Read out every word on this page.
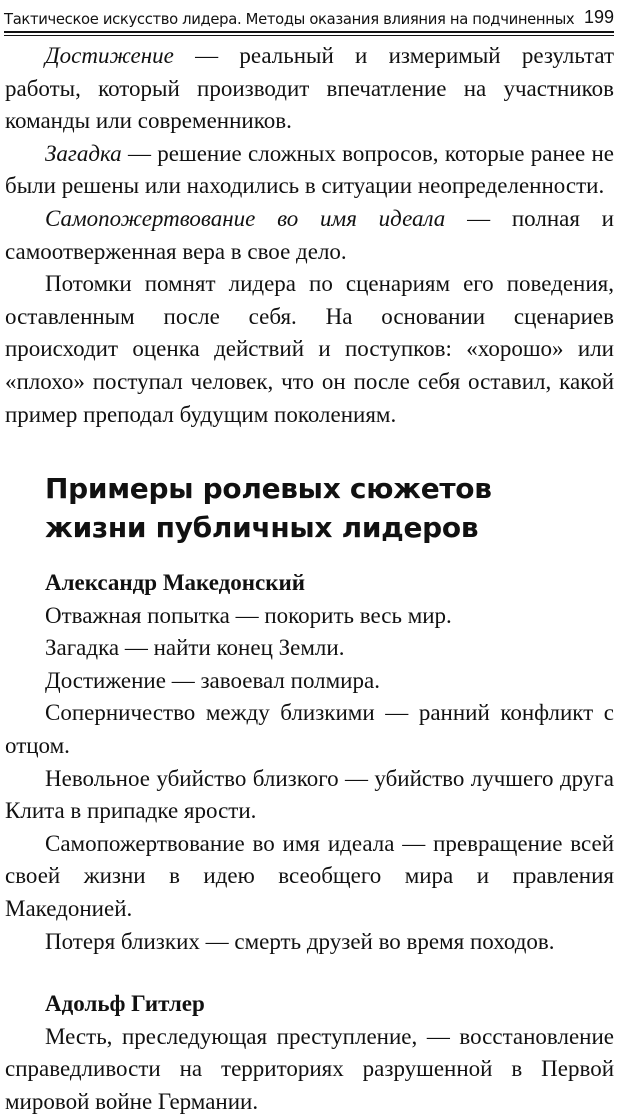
Тактическое искусство лидера. Методы оказания влияния на подчиненных 199

Достижение — реальный и измеримый результат работы, который производит впечатление на участников команды или современников.

Загадка — решение сложных вопросов, которые ранее не были решены или находились в ситуации неопределенности.

Самопожертвование во имя идеала — полная и самоотверженная вера в свое дело.

Потомки помнят лидера по сценариям его поведения, оставленным после себя. На основании сценариев происходит оценка действий и поступков: «хорошо» или «плохо» поступал человек, что он после себя оставил, какой пример преподал будущим поколениям.

Примеры ролевых сюжетов жизни публичных лидеров

Александр Македонский

Отважная попытка — покорить весь мир.

Загадка — найти конец Земли.

Достижение — завоевал полмира.

Соперничество между близкими — ранний конфликт с отцом.

Невольное убийство близкого — убийство лучшего друга Клита в припадке ярости.

Самопожертвование во имя идеала — превращение всей своей жизни в идею всеобщего мира и правления Македонией.

Потеря близких — смерть друзей во время походов.

Адольф Гитлер

Месть, преследующая преступление, — восстановление справедливости на территориях разрушенной в Первой мировой войне Германии.
